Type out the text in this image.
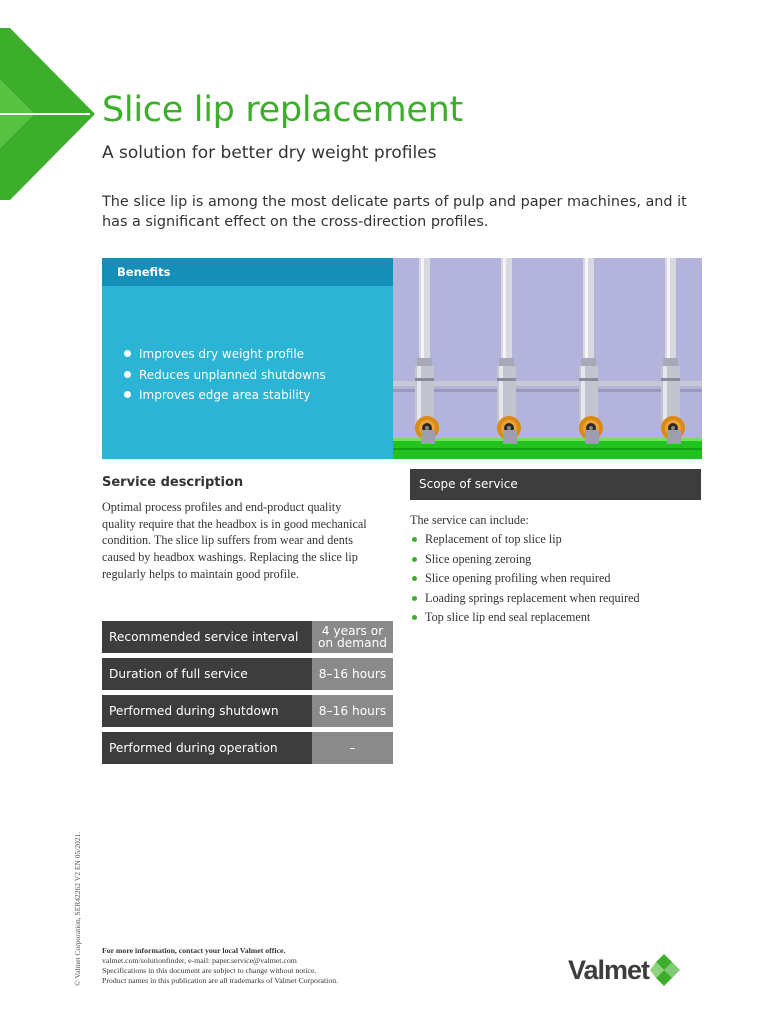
Slice lip replacement
A solution for better dry weight profiles

The slice lip is among the most delicate parts of pulp and paper machines, and it has a significant effect on the cross-direction profiles.

Benefits
Improves dry weight profile
Reduces unplanned shutdowns
Improves edge area stability
Service description

Optimal process profiles and end-product quality quality require that the headbox is in good mechanical condition. The slice lip suffers from wear and dents caused by headbox washings. Replacing the slice lip regularly helps to maintain good profile.

Scope of service
The service can include:
Replacement of top slice lip
Slice opening zeroing
Slice opening profiling when required
Loading springs replacement when required
Top slice lip end seal replacement
Recommended service interval	4 years or
on demand
Duration of full service	8–16 hours
Performed during shutdown	8–16 hours
Performed during operation	–
© Valmet Corporation, SER42262 V2 EN 05/2021.	For more information, contact your local Valmet office.
valmet.com/solutionfinder, e-mail: paper.service@valmet.com
Specifications in this document are subject to change without notice.
Product names in this publication are all trademarks of Valmet Corporation.	Valmet
